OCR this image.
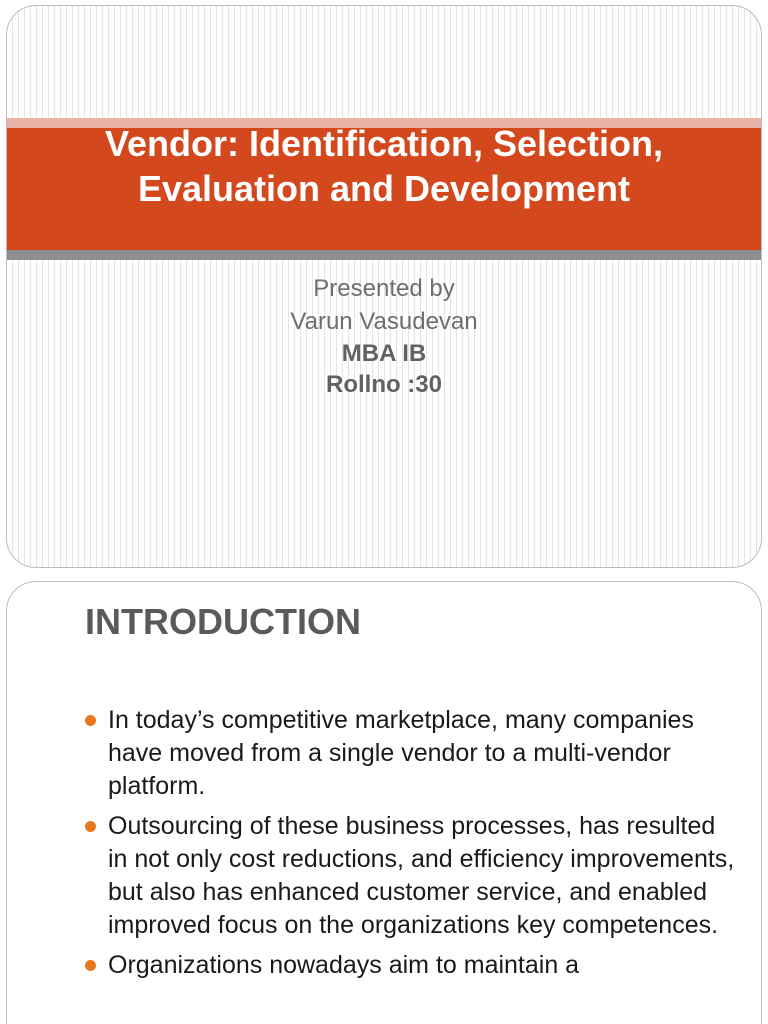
Vendor: Identification, Selection,
Evaluation and Development
Presented by
Varun Vasudevan
MBA IB
Rollno :30
INTRODUCTION
In today’s competitive marketplace, many companies have moved from a single vendor to a multi-vendor platform.
Outsourcing of these business processes, has resulted in not only cost reductions, and efficiency improvements, but also has enhanced customer service, and enabled improved focus on the organizations key competences.
Organizations nowadays aim to maintain a
